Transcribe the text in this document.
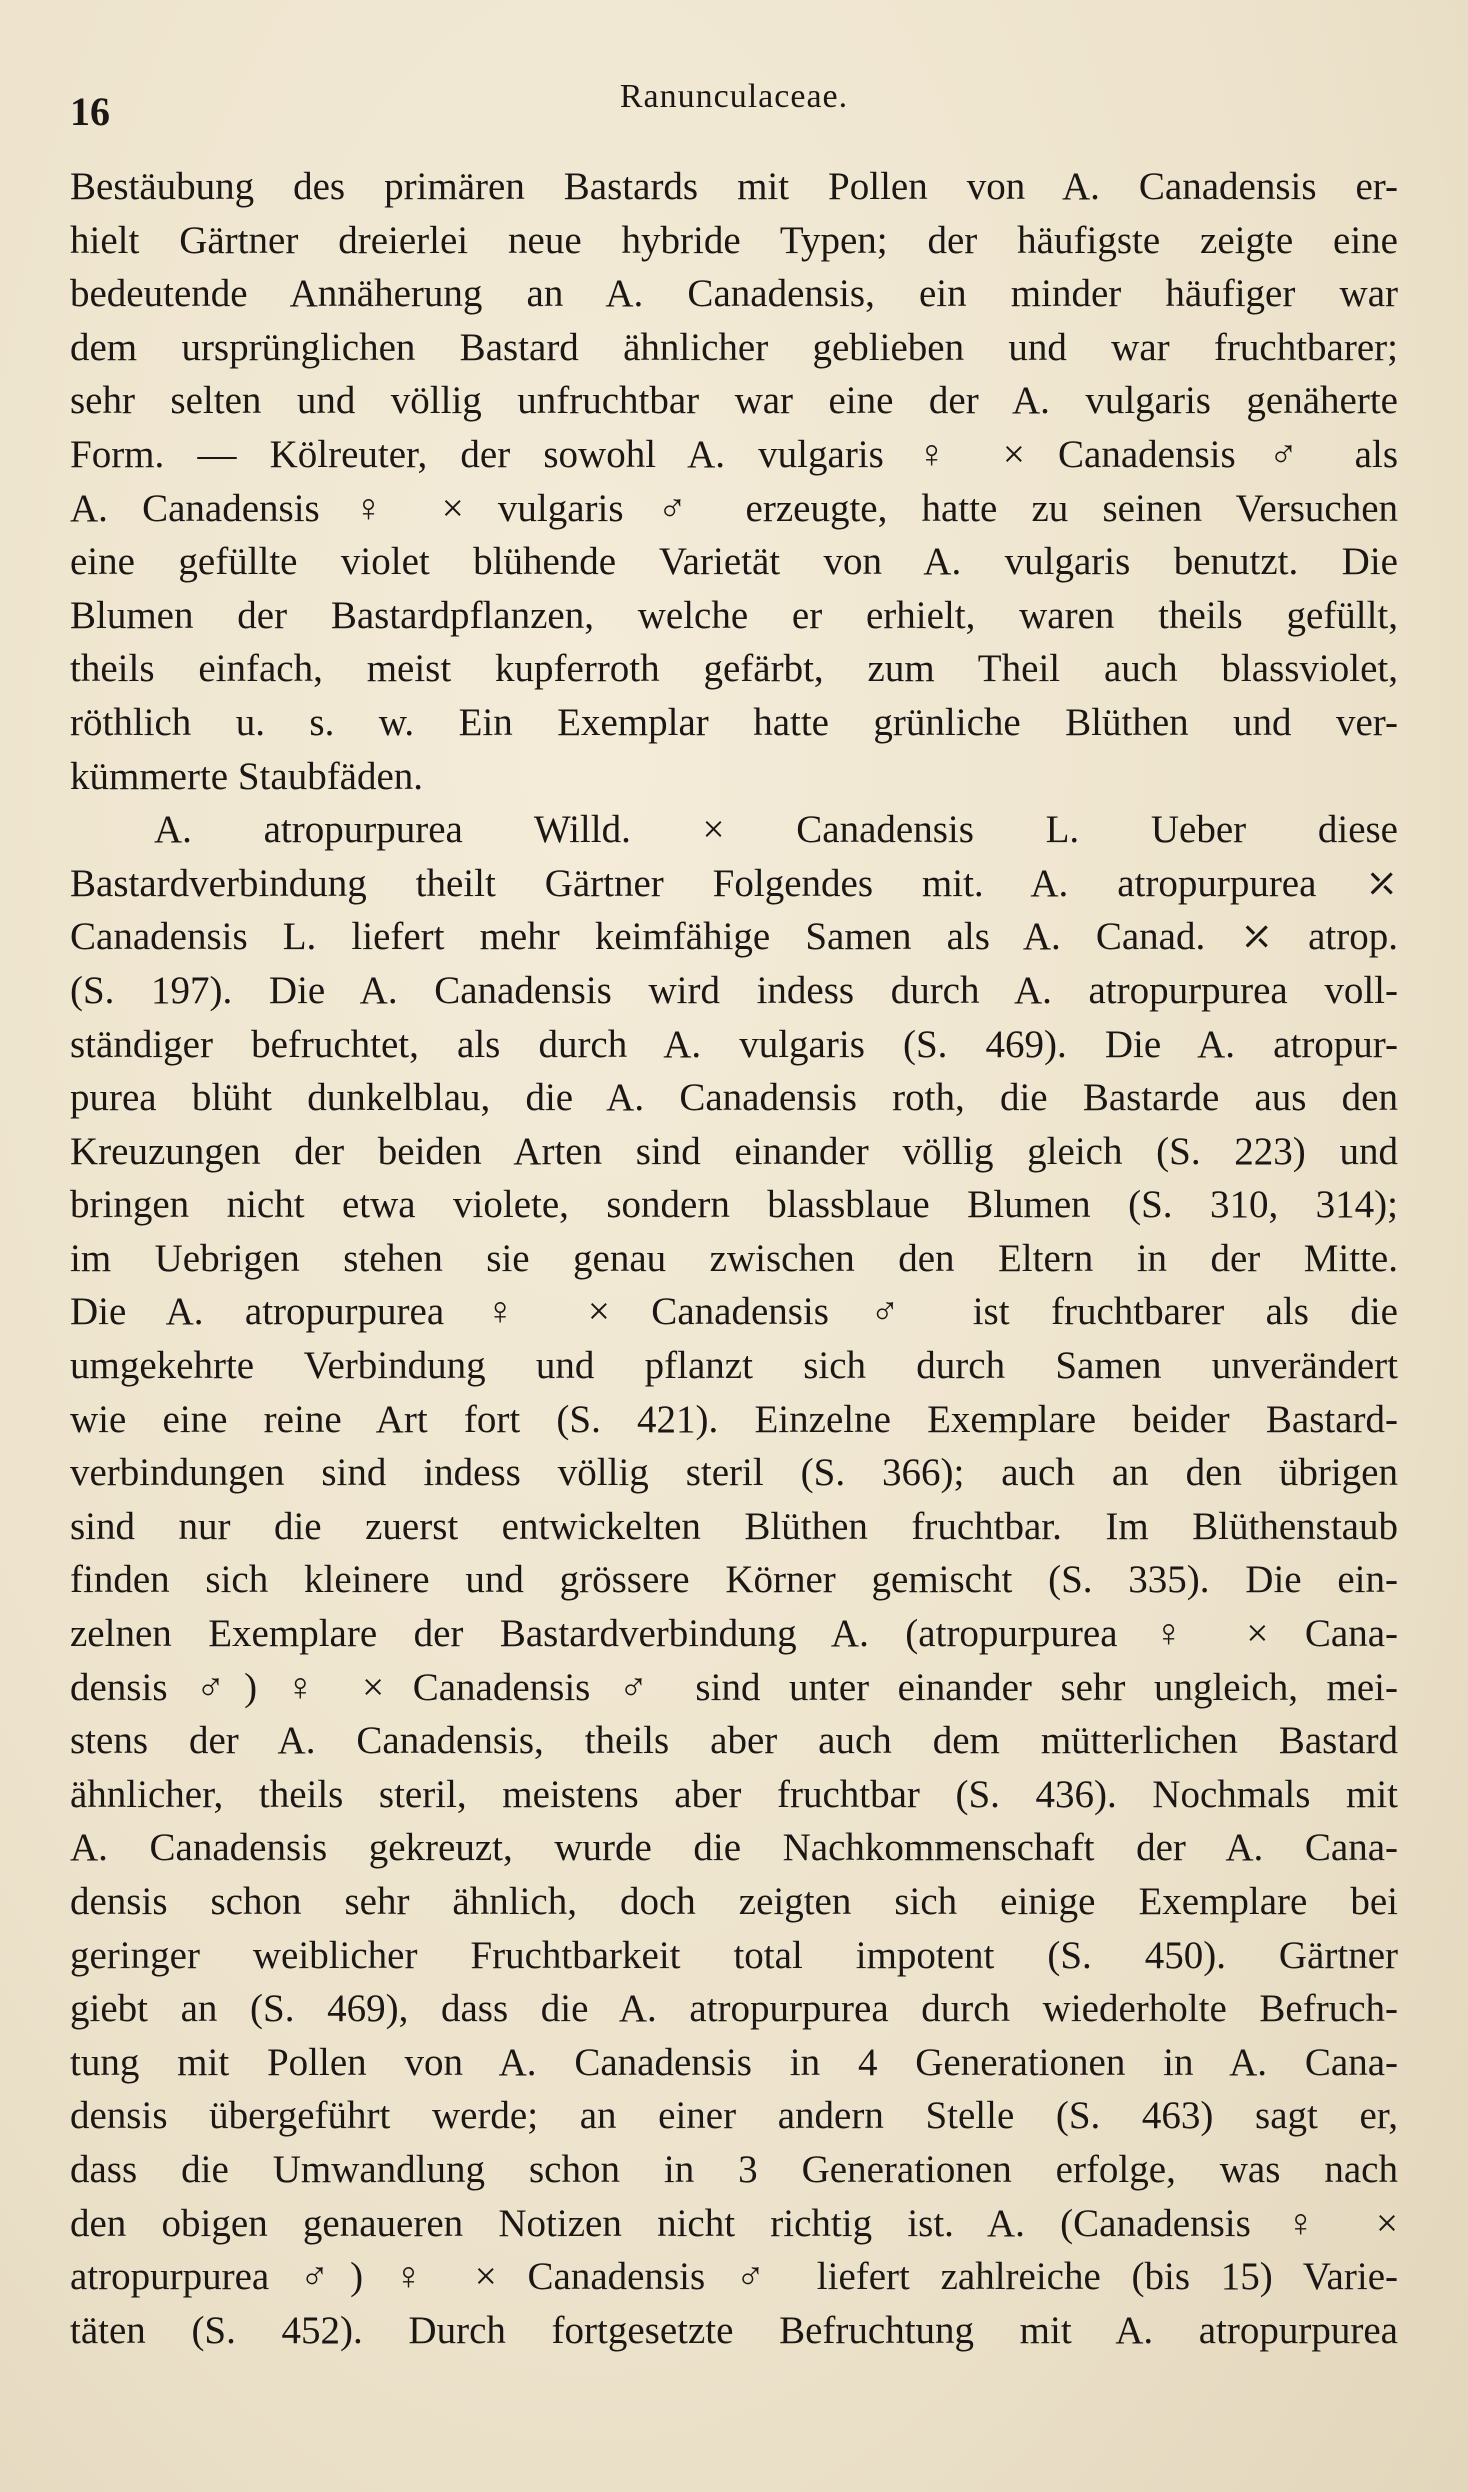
16	Ranunculaceae.
Bestäubung des primären Bastards mit Pollen von A. Canadensis er-
hielt Gärtner dreierlei neue hybride Typen; der häufigste zeigte eine
bedeutende Annäherung an A. Canadensis, ein minder häufiger war
dem ursprünglichen Bastard ähnlicher geblieben und war fruchtbarer;
sehr selten und völlig unfruchtbar war eine der A. vulgaris genäherte
Form. — Kölreuter, der sowohl A. vulgaris ♀ × Canadensis ♂ als
A. Canadensis ♀ × vulgaris ♂ erzeugte, hatte zu seinen Versuchen
eine gefüllte violet blühende Varietät von A. vulgaris benutzt. Die
Blumen der Bastardpflanzen, welche er erhielt, waren theils gefüllt,
theils einfach, meist kupferroth gefärbt, zum Theil auch blassviolet,
röthlich u. s. w. Ein Exemplar hatte grünliche Blüthen und ver-
kümmerte Staubfäden.
A. atropurpurea Willd. × Canadensis L. Ueber diese
Bastardverbindung theilt Gärtner Folgendes mit. A. atropurpurea ⤫
Canadensis L. liefert mehr keimfähige Samen als A. Canad. ⤫ atrop.
(S. 197). Die A. Canadensis wird indess durch A. atropurpurea voll-
ständiger befruchtet, als durch A. vulgaris (S. 469). Die A. atropur-
purea blüht dunkelblau, die A. Canadensis roth, die Bastarde aus den
Kreuzungen der beiden Arten sind einander völlig gleich (S. 223) und
bringen nicht etwa violete, sondern blassblaue Blumen (S. 310, 314);
im Uebrigen stehen sie genau zwischen den Eltern in der Mitte.
Die A. atropurpurea ♀ × Canadensis ♂ ist fruchtbarer als die
umgekehrte Verbindung und pflanzt sich durch Samen unverändert
wie eine reine Art fort (S. 421). Einzelne Exemplare beider Bastard-
verbindungen sind indess völlig steril (S. 366); auch an den übrigen
sind nur die zuerst entwickelten Blüthen fruchtbar. Im Blüthenstaub
finden sich kleinere und grössere Körner gemischt (S. 335). Die ein-
zelnen Exemplare der Bastardverbindung A. (atropurpurea ♀ × Cana-
densis ♂) ♀ × Canadensis ♂ sind unter einander sehr ungleich, mei-
stens der A. Canadensis, theils aber auch dem mütterlichen Bastard
ähnlicher, theils steril, meistens aber fruchtbar (S. 436). Nochmals mit
A. Canadensis gekreuzt, wurde die Nachkommenschaft der A. Cana-
densis schon sehr ähnlich, doch zeigten sich einige Exemplare bei
geringer weiblicher Fruchtbarkeit total impotent (S. 450). Gärtner
giebt an (S. 469), dass die A. atropurpurea durch wiederholte Befruch-
tung mit Pollen von A. Canadensis in 4 Generationen in A. Cana-
densis übergeführt werde; an einer andern Stelle (S. 463) sagt er,
dass die Umwandlung schon in 3 Generationen erfolge, was nach
den obigen genaueren Notizen nicht richtig ist. A. (Canadensis ♀ ×
atropurpurea ♂) ♀ × Canadensis ♂ liefert zahlreiche (bis 15) Varie-
täten (S. 452). Durch fortgesetzte Befruchtung mit A. atropurpurea
